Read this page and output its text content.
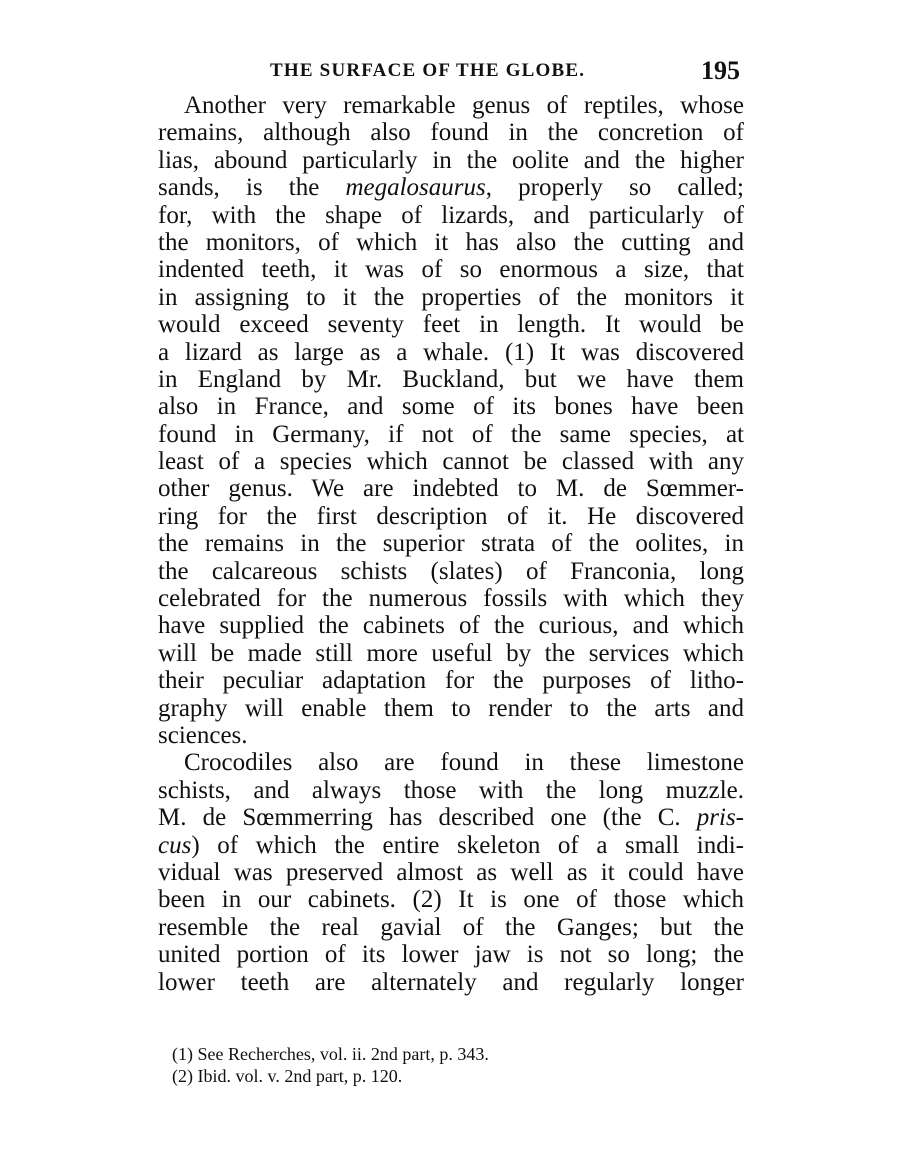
THE SURFACE OF THE GLOBE.	195
Another very remarkable genus of reptiles, whose
remains, although also found in the concretion of
lias, abound particularly in the oolite and the higher
sands, is the megalosaurus, properly so called;
for, with the shape of lizards, and particularly of
the monitors, of which it has also the cutting and
indented teeth, it was of so enormous a size, that
in assigning to it the properties of the monitors it
would exceed seventy feet in length. It would be
a lizard as large as a whale. (1) It was discovered
in England by Mr. Buckland, but we have them
also in France, and some of its bones have been
found in Germany, if not of the same species, at
least of a species which cannot be classed with any
other genus. We are indebted to M. de Sœmmer-
ring for the first description of it. He discovered
the remains in the superior strata of the oolites, in
the calcareous schists (slates) of Franconia, long
celebrated for the numerous fossils with which they
have supplied the cabinets of the curious, and which
will be made still more useful by the services which
their peculiar adaptation for the purposes of litho-
graphy will enable them to render to the arts and
sciences.
Crocodiles also are found in these limestone
schists, and always those with the long muzzle.
M. de Sœmmerring has described one (the C. pris-
cus) of which the entire skeleton of a small indi-
vidual was preserved almost as well as it could have
been in our cabinets. (2) It is one of those which
resemble the real gavial of the Ganges; but the
united portion of its lower jaw is not so long; the
lower teeth are alternately and regularly longer
(1) See Recherches, vol. ii. 2nd part, p. 343.
(2) Ibid. vol. v. 2nd part, p. 120.
